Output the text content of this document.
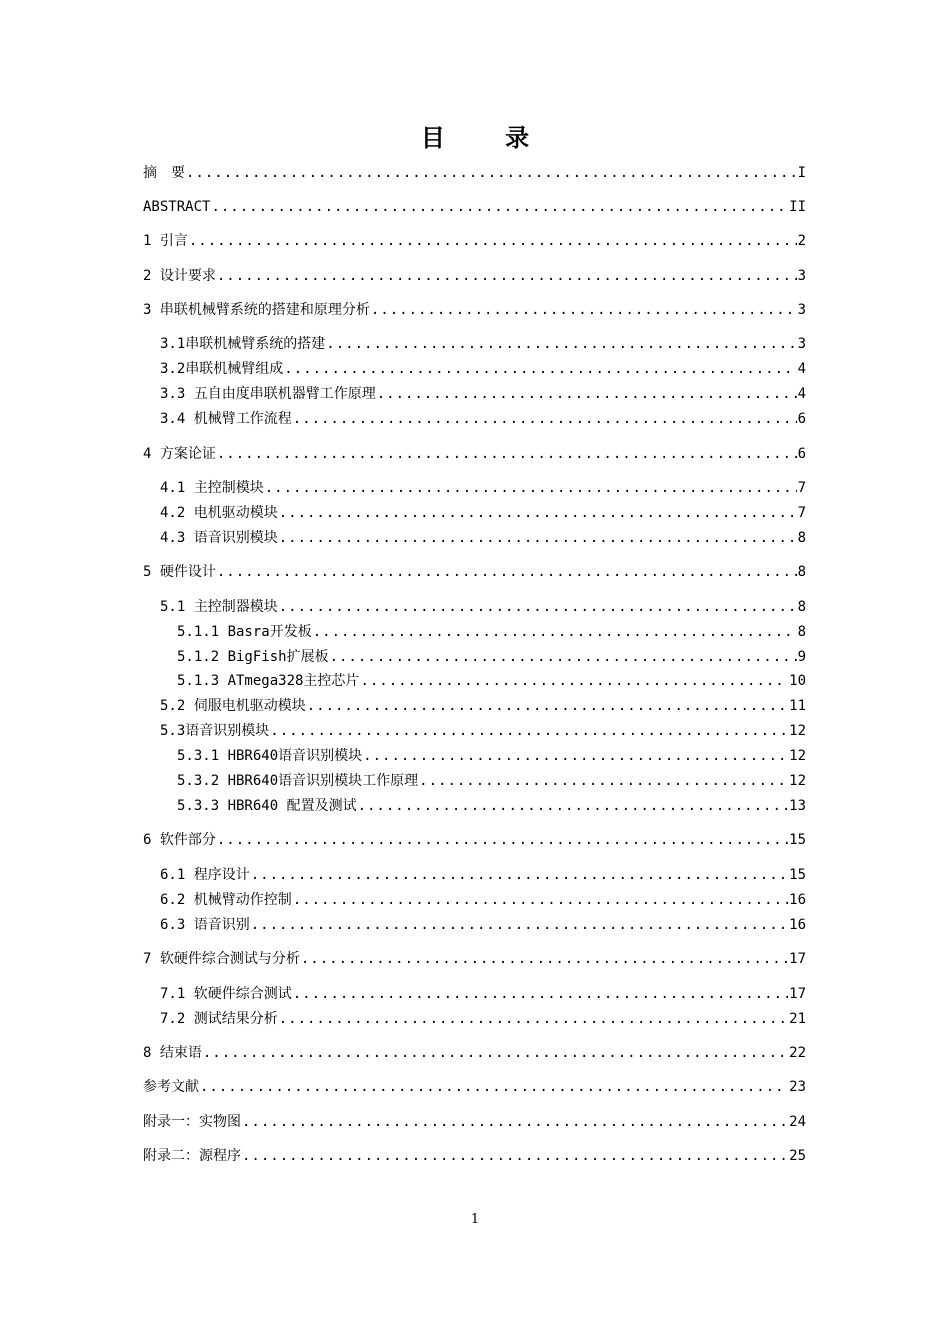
目 录
摘　要 .....	I
ABSTRACT .....	II
1 引言 .....	2
2 设计要求 .....	3
3 串联机械臂系统的搭建和原理分析 .....	3
3.1串联机械臂系统的搭建 .....	3
3.2串联机械臂组成 .....	4
3.3 五自由度串联机器臂工作原理 .....	4
3.4 机械臂工作流程 .....	6
4 方案论证 .....	6
4.1 主控制模块 .....	7
4.2 电机驱动模块 .....	7
4.3 语音识别模块 .....	8
5 硬件设计 .....	8
5.1 主控制器模块 .....	8
5.1.1 Basra开发板 .....	8
5.1.2 BigFish扩展板 .....	9
5.1.3 ATmega328主控芯片 .....	10
5.2 伺服电机驱动模块 .....	11
5.3语音识别模块 .....	12
5.3.1 HBR640语音识别模块 .....	12
5.3.2 HBR640语音识别模块工作原理 .....	12
5.3.3 HBR640 配置及测试 .....	13
6 软件部分 .....	15
6.1 程序设计 .....	15
6.2 机械臂动作控制 .....	16
6.3 语音识别 .....	16
7 软硬件综合测试与分析 .....	17
7.1 软硬件综合测试 .....	17
7.2 测试结果分析 .....	21
8 结束语 .....	22
参考文献 .....	23
附录一：实物图 .....	24
附录二：源程序 .....	25
1
